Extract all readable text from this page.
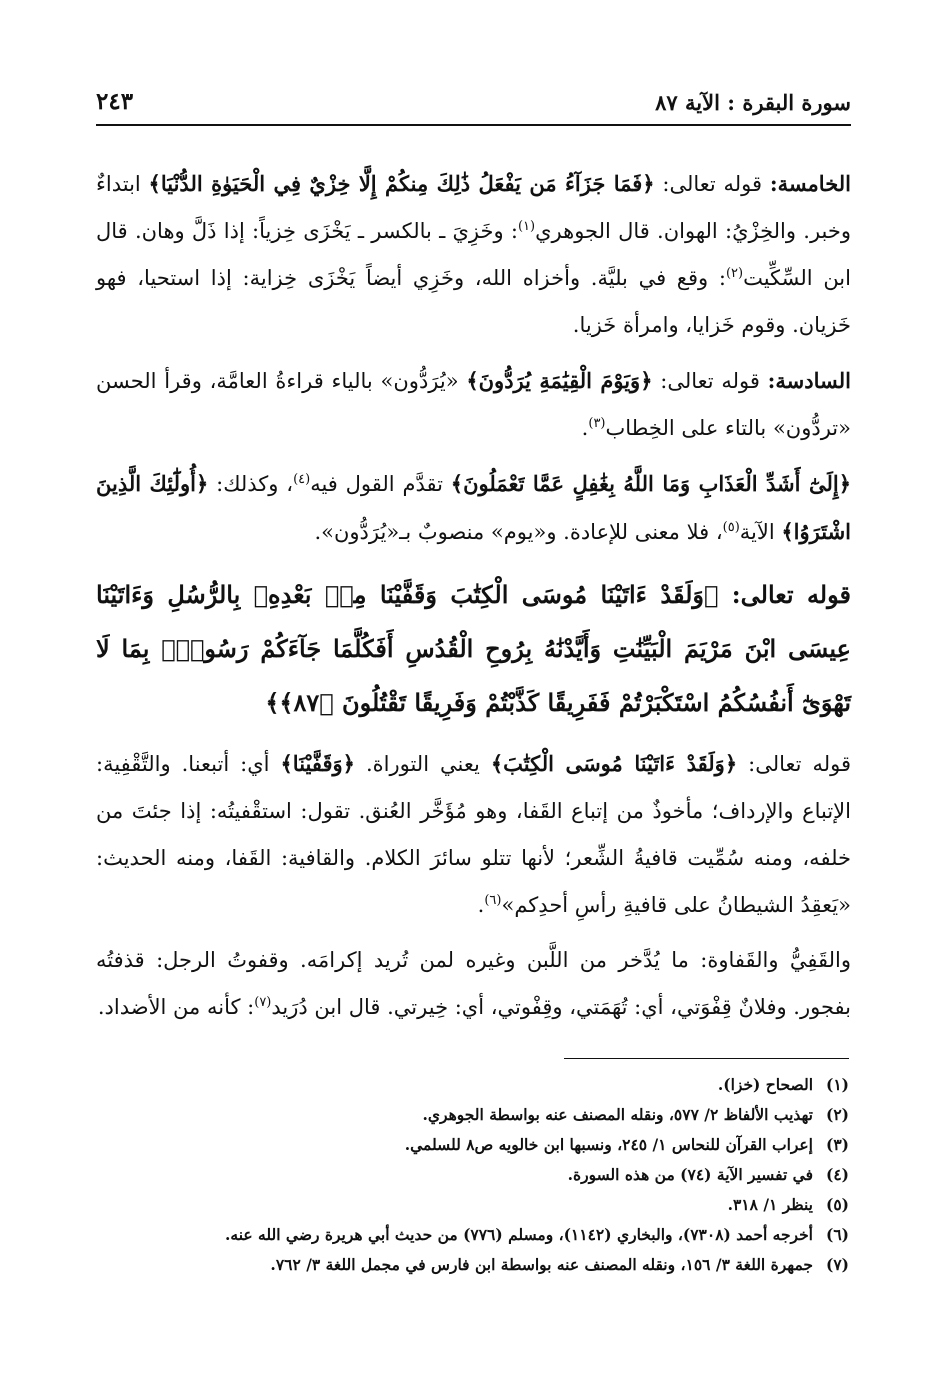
سورة البقرة : الآية ٨٧
٢٤٣

الخامسة: قوله تعالى: ﴿فَمَا جَزَآءُ مَن يَفْعَلُ ذَٰلِكَ مِنكُمْ إِلَّا خِزْيٌ فِي الْحَيَوٰةِ الدُّنْيَا﴾ ابتداءٌ وخبر. والخِزْيُ: الهوان. قال الجوهري$^{(١)}$: وخَزِيَ ـ بالكسر ـ يَخْزَى خِزياً: إذا ذَلَّ وهان. قال ابن السِّكِّيت$^{(٢)}$: وقع في بليَّة. وأخزاه الله، وخَزِي أيضاً يَخْزَى خِزاية: إذا استحيا، فهو خَزيان. وقوم خَزايا، وامرأة خَزيا.

السادسة: قوله تعالى: ﴿وَيَوْمَ الْقِيَٰمَةِ يُرَدُّونَ﴾ «يُرَدُّون» بالياء قراءةُ العامَّة، وقرأ الحسن «تردُّون» بالتاء على الخِطاب$^{(٣)}$.

﴿إِلَىٰٓ أَشَدِّ الْعَذَابِ وَمَا اللَّهُ بِغَٰفِلٍ عَمَّا تَعْمَلُونَ﴾ تقدَّم القول فيه$^{(٤)}$، وكذلك: ﴿أُولَٰٓئِكَ الَّذِينَ اشْتَرَوُا﴾ الآية$^{(٥)}$، فلا معنى للإعادة. و«يوم» منصوبٌ بـ«يُرَدُّون».

قوله تعالى: ﴿وَلَقَدْ ءَاتَيْنَا مُوسَى الْكِتَٰبَ وَقَفَّيْنَا مِنۢ بَعْدِهِۦ بِالرُّسُلِ وَءَاتَيْنَا عِيسَى ابْنَ مَرْيَمَ الْبَيِّنَٰتِ وَأَيَّدْنَٰهُ بِرُوحِ الْقُدُسِ أَفَكُلَّمَا جَآءَكُمْ رَسُولٌۢ بِمَا لَا تَهْوَىٰٓ أَنفُسُكُمُ اسْتَكْبَرْتُمْ فَفَرِيقًا كَذَّبْتُمْ وَفَرِيقًا تَقْتُلُونَ ﴿٨٧﴾﴾

قوله تعالى: ﴿وَلَقَدْ ءَاتَيْنَا مُوسَى الْكِتَٰبَ﴾ يعني التوراة. ﴿وَقَفَّيْنَا﴾ أي: أتبعنا. والتَّقْفِية: الإتباع والإرداف؛ مأخوذٌ من إتباع القَفا، وهو مُؤَخَّر العُنق. تقول: استقْفيتُه: إذا جئتَ من خلفه، ومنه سُمِّيت قافيةُ الشِّعر؛ لأنها تتلو سائرَ الكلام. والقافية: القَفا، ومنه الحديث: «يَعقِدُ الشيطانُ على قافيةِ رأسِ أحدِكم»$^{(٦)}$.

والقَفِيُّ والقَفاوة: ما يُدَّخر من اللَّبن وغيره لمن تُريد إكرامَه. وقفوتُ الرجل: قذفتُه بفجور. وفلانٌ قِفْوَتي، أي: تُهَمَتي، وقِفْوتي، أي: خِيرتي. قال ابن دُرَيد$^{(٧)}$: كأنه من الأضداد.

(١)الصحاح (خزا).
(٢)تهذيب الألفاظ ٢/ ٥٧٧، ونقله المصنف عنه بواسطة الجوهري.
(٣)إعراب القرآن للنحاس ١/ ٢٤٥، ونسبها ابن خالويه ص٨ للسلمي.
(٤)في تفسير الآية (٧٤) من هذه السورة.
(٥)ينظر ١/ ٣١٨.
(٦)أخرجه أحمد (٧٣٠٨)، والبخاري (١١٤٢)، ومسلم (٧٧٦) من حديث أبي هريرة رضي الله عنه.
(٧)جمهرة اللغة ٣/ ١٥٦، ونقله المصنف عنه بواسطة ابن فارس في مجمل اللغة ٣/ ٧٦٢.
